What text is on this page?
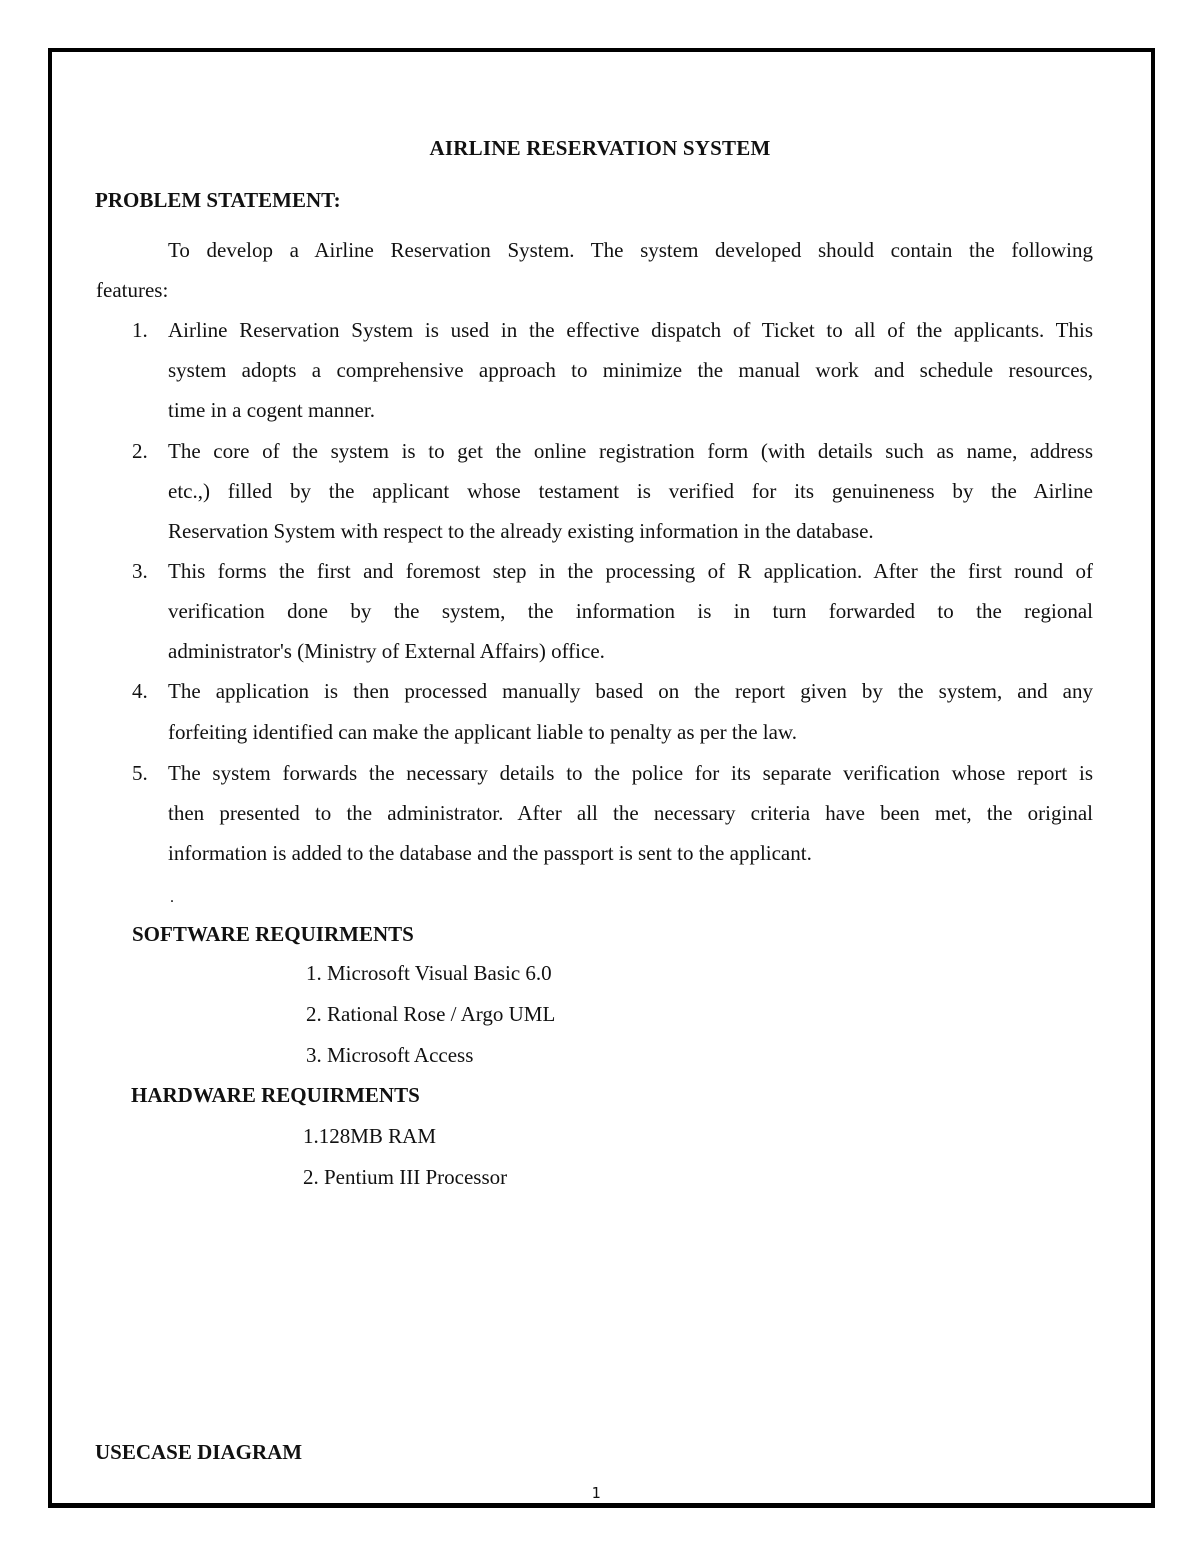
AIRLINE RESERVATION SYSTEM
PROBLEM STATEMENT:
To develop a Airline Reservation System. The system developed should contain the following
features:
1. Airline Reservation System is used in the effective dispatch of Ticket to all of the applicants. This
system adopts a comprehensive approach to minimize the manual work and schedule resources,
time in a cogent manner.
2. The core of the system is to get the online registration form (with details such as name, address
etc.,) filled by the applicant whose testament is verified for its genuineness by the Airline
Reservation System with respect to the already existing information in the database.
3. This forms the first and foremost step in the processing of R application. After the first round of
verification done by the system, the information is in turn forwarded to the regional
administrator's (Ministry of External Affairs) office.
4. The application is then processed manually based on the report given by the system, and any
forfeiting identified can make the applicant liable to penalty as per the law.
5. The system forwards the necessary details to the police for its separate verification whose report is
then presented to the administrator. After all the necessary criteria have been met, the original
information is added to the database and the passport is sent to the applicant.
.
SOFTWARE REQUIRMENTS
1. Microsoft Visual Basic 6.0
2. Rational Rose / Argo UML
3. Microsoft Access
HARDWARE REQUIRMENTS
1.128MB RAM
2. Pentium III Processor
USECASE DIAGRAM
1
